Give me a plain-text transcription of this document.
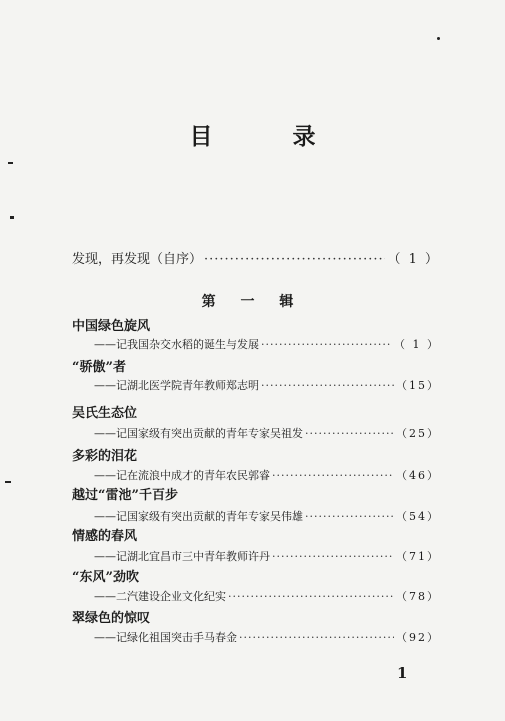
目 录
发现，再发现（自序） ·····	（ 1 ）
第 一 辑
中国绿色旋风
——记我国杂交水稻的诞生与发展 ·····	（ 1 ）
“骄傲”者
——记湖北医学院青年教师郑志明 ·····	（15）
吴氏生态位
——记国家级有突出贡献的青年专家吴祖发 ·····	（25）
多彩的泪花
——记在流浪中成才的青年农民郭睿 ·····	（46）
越过“雷池”千百步
——记国家级有突出贡献的青年专家吴伟雄 ·····	（54）
情感的春风
——记湖北宜昌市三中青年教师许丹 ·····	（71）
“东风”劲吹
——二汽建设企业文化纪实 ·····	（78）
翠绿色的惊叹
——记绿化祖国突击手马春金 ·····	（92）
1
